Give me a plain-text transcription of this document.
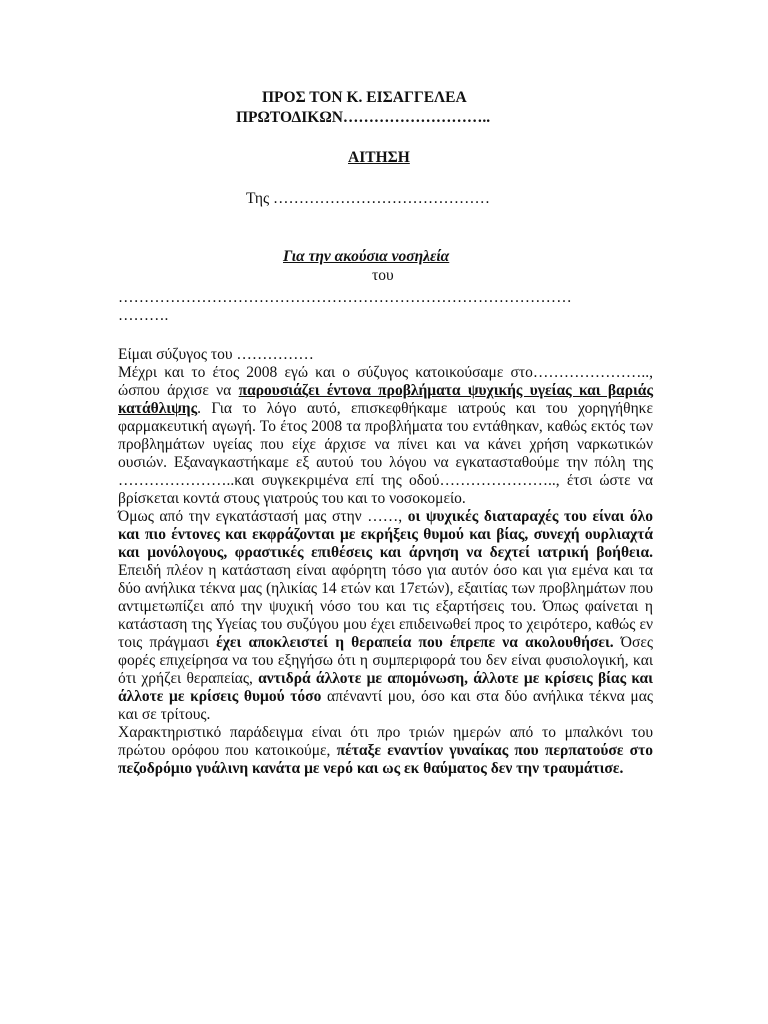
ΠΡΟΣ ΤΟΝ Κ. ΕΙΣΑΓΓΕΛΕΑ
ΠΡΩΤΟΔΙΚΩΝ………………………..
ΑΙΤΗΣΗ
Της ……………………………………
Για την ακούσια νοσηλεία
του
……………………………………………………………………………
……….

Είμαι σύζυγος του ……………

Μέχρι και το έτος 2008 εγώ και ο σύζυγος κατοικούσαμε στο………………….., ώσπου άρχισε να παρουσιάζει έντονα προβλήματα ψυχικής υγείας και βαριάς κατάθλιψης. Για το λόγο αυτό, επισκεφθήκαμε ιατρούς και του χορηγήθηκε φαρμακευτική αγωγή. Το έτος 2008 τα προβλήματα του εντάθηκαν, καθώς εκτός των προβλημάτων υγείας που είχε άρχισε να πίνει και να κάνει χρήση ναρκωτικών ουσιών. Εξαναγκαστήκαμε εξ αυτού του λόγου να εγκατασταθούμε την πόλη της …………………..και συγκεκριμένα επί της οδού………………….., έτσι ώστε να βρίσκεται κοντά στους γιατρούς του και το νοσοκομείο.

Όμως από την εγκατάστασή μας στην ……, οι ψυχικές διαταραχές του είναι όλο και πιο έντονες και εκφράζονται με εκρήξεις θυμού και βίας, συνεχή ουρλιαχτά και μονόλογους, φραστικές επιθέσεις και άρνηση να δεχτεί ιατρική βοήθεια. Επειδή πλέον η κατάσταση είναι αφόρητη τόσο για αυτόν όσο και για εμένα και τα δύο ανήλικα τέκνα μας (ηλικίας 14 ετών και 17ετών), εξαιτίας των προβλημάτων που αντιμετωπίζει από την ψυχική νόσο του και τις εξαρτήσεις του. Όπως φαίνεται η κατάσταση της Υγείας του συζύγου μου έχει επιδεινωθεί προς το χειρότερο, καθώς εν τοις πράγμασι έχει αποκλειστεί η θεραπεία που έπρεπε να ακολουθήσει. Όσες φορές επιχείρησα να του εξηγήσω ότι η συμπεριφορά του δεν είναι φυσιολογική, και ότι χρήζει θεραπείας, αντιδρά άλλοτε με απομόνωση, άλλοτε με κρίσεις βίας και άλλοτε με κρίσεις θυμού τόσο απέναντί μου, όσο και στα δύο ανήλικα τέκνα μας και σε τρίτους.

Χαρακτηριστικό παράδειγμα είναι ότι προ τριών ημερών από το μπαλκόνι του πρώτου ορόφου που κατοικούμε, πέταξε εναντίον γυναίκας που περπατούσε στο πεζοδρόμιο γυάλινη κανάτα με νερό και ως εκ θαύματος δεν την τραυμάτισε.
